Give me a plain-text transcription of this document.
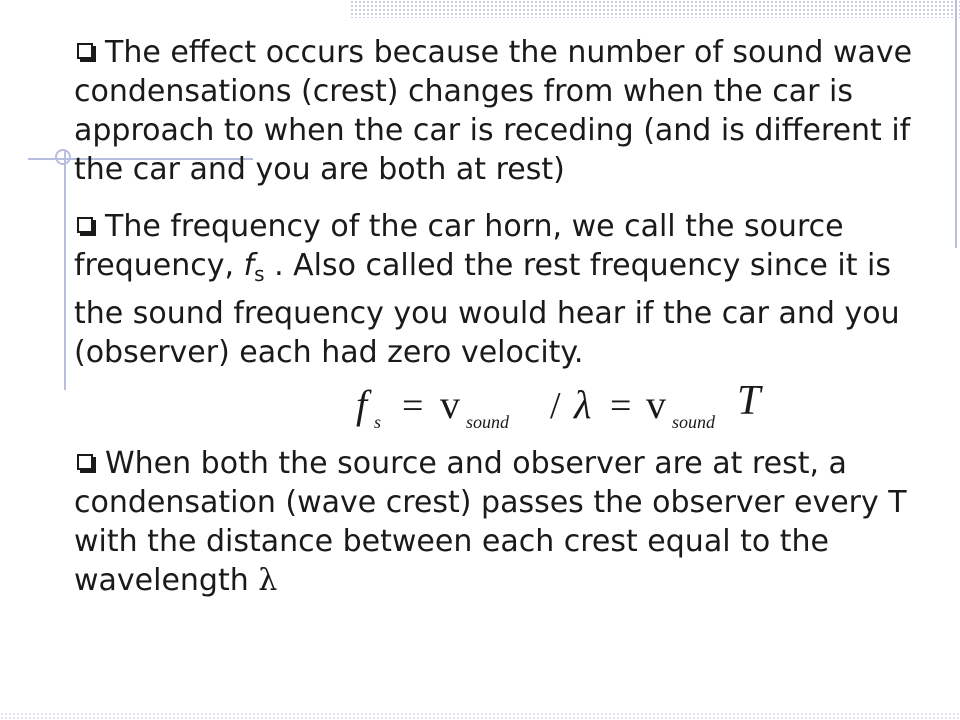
The effect occurs because the number of sound wave condensations (crest) changes from when the car is approach to when the car is receding (and is different if the car and you are both at rest)

The frequency of the car horn, we call the source frequency, $f_s$ . Also called the rest frequency since it is the sound frequency you would hear if the car and you (observer) each had zero velocity.

f s = v sound / λ = v sound T

When both the source and observer are at rest, a condensation (wave crest) passes the observer every T with the distance between each crest equal to the wavelength λ
